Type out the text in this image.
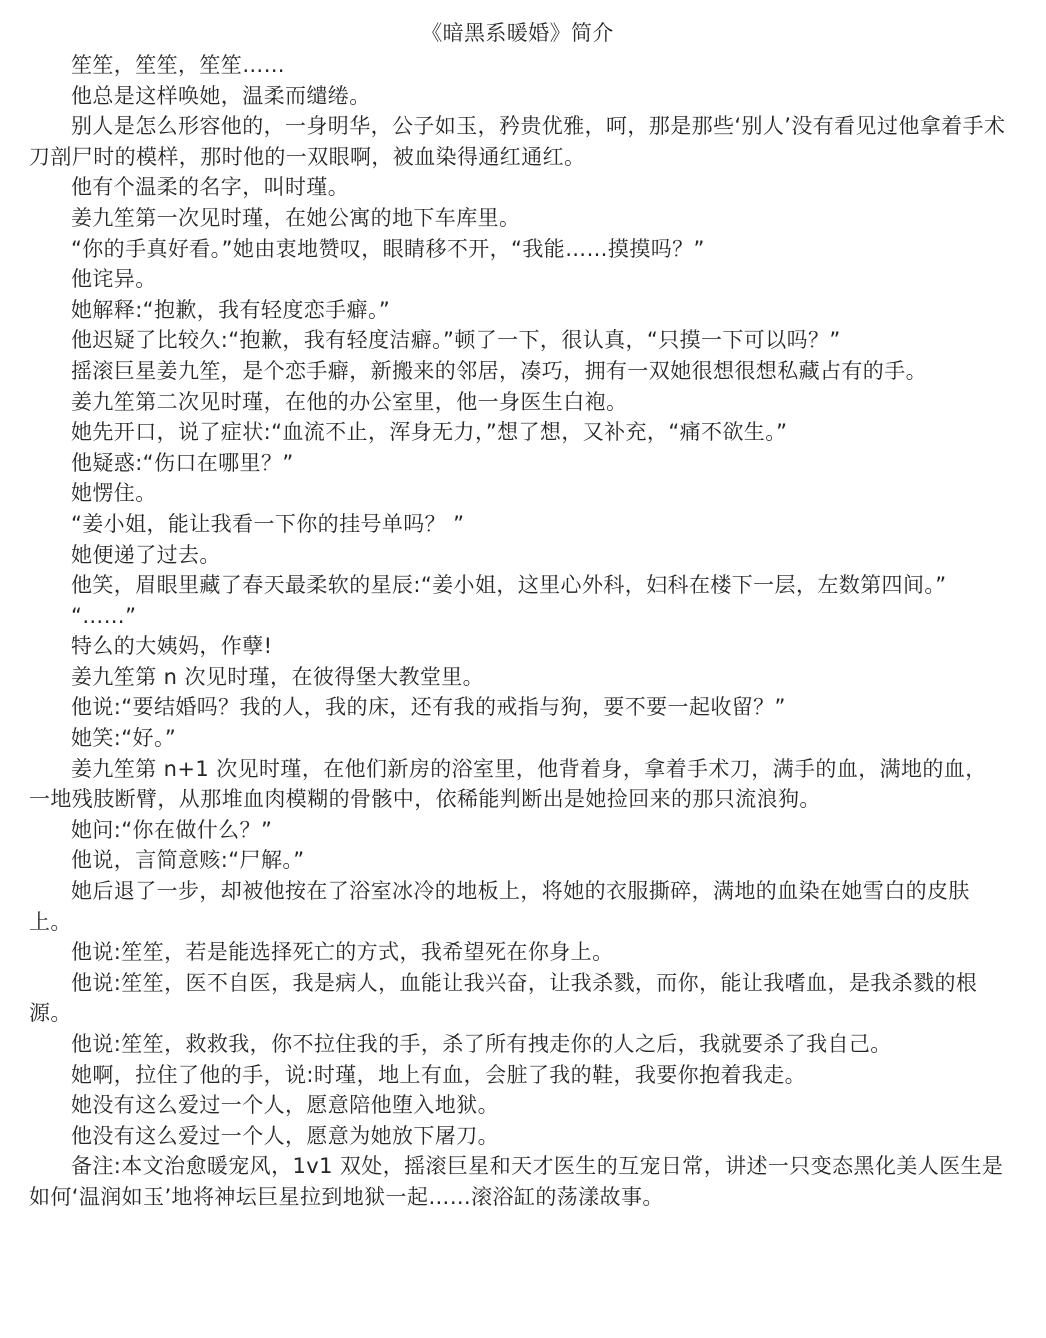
《暗黑系暖婚》简介

笙笙，笙笙，笙笙……

他总是这样唤她，温柔而缱绻。

别人是怎么形容他的，一身明华，公子如玉，矜贵优雅，呵，那是那些‘别人’没有看见过他拿着手术刀剖尸时的模样，那时他的一双眼啊，被血染得通红通红。

他有个温柔的名字，叫时瑾。

姜九笙第一次见时瑾，在她公寓的地下车库里。

“你的手真好看。”她由衷地赞叹，眼睛移不开，“我能……摸摸吗？”

他诧异。

她解释:“抱歉，我有轻度恋手癖。”

他迟疑了比较久:“抱歉，我有轻度洁癖。”顿了一下，很认真，“只摸一下可以吗？”

摇滚巨星姜九笙，是个恋手癖，新搬来的邻居，凑巧，拥有一双她很想很想私藏占有的手。

姜九笙第二次见时瑾，在他的办公室里，他一身医生白袍。

她先开口，说了症状:“血流不止，浑身无力，”想了想，又补充，“痛不欲生。”

他疑惑:“伤口在哪里？”

她愣住。

“姜小姐，能让我看一下你的挂号单吗？ ”

她便递了过去。

他笑，眉眼里藏了春天最柔软的星辰:“姜小姐，这里心外科，妇科在楼下一层，左数第四间。”

“……”

特么的大姨妈，作孽!

姜九笙第 n 次见时瑾，在彼得堡大教堂里。

他说:“要结婚吗？我的人，我的床，还有我的戒指与狗，要不要一起收留？”

她笑:“好。”

姜九笙第 n+1 次见时瑾，在他们新房的浴室里，他背着身，拿着手术刀，满手的血，满地的血，一地残肢断臂，从那堆血肉模糊的骨骸中，依稀能判断出是她捡回来的那只流浪狗。

她问:“你在做什么？”

他说，言简意赅:“尸解。”

她后退了一步，却被他按在了浴室冰冷的地板上，将她的衣服撕碎，满地的血染在她雪白的皮肤上。

他说:笙笙，若是能选择死亡的方式，我希望死在你身上。

他说:笙笙，医不自医，我是病人，血能让我兴奋，让我杀戮，而你，能让我嗜血，是我杀戮的根源。

他说:笙笙，救救我，你不拉住我的手，杀了所有拽走你的人之后，我就要杀了我自己。

她啊，拉住了他的手，说:时瑾，地上有血，会脏了我的鞋，我要你抱着我走。

她没有这么爱过一个人，愿意陪他堕入地狱。

他没有这么爱过一个人，愿意为她放下屠刀。

备注:本文治愈暖宠风，1v1 双处，摇滚巨星和天才医生的互宠日常，讲述一只变态黑化美人医生是如何‘温润如玉’地将神坛巨星拉到地狱一起……滚浴缸的荡漾故事。
